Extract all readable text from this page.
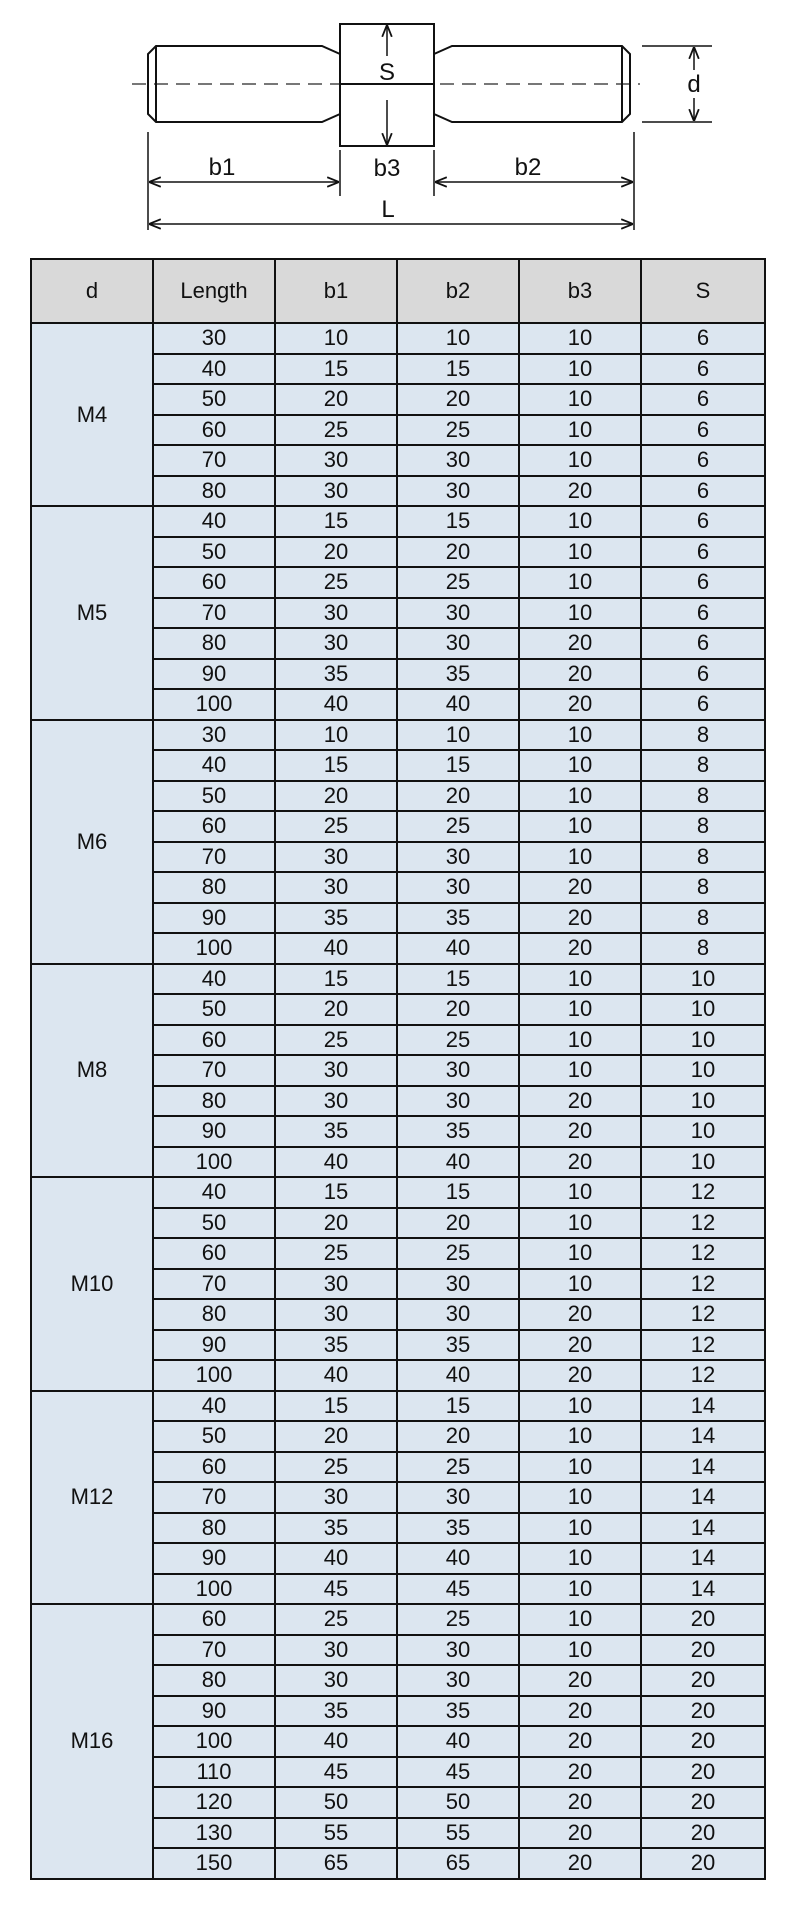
S	d
b1	b3	b2
L
d	Length	b1	b2	b3	S
M4	30	10	10	10	6
	40	15	15	10	6
	50	20	20	10	6
	60	25	25	10	6
	70	30	30	10	6
	80	30	30	20	6
M5	40	15	15	10	6
	50	20	20	10	6
	60	25	25	10	6
	70	30	30	10	6
	80	30	30	20	6
	90	35	35	20	6
	100	40	40	20	6
M6	30	10	10	10	8
	40	15	15	10	8
	50	20	20	10	8
	60	25	25	10	8
	70	30	30	10	8
	80	30	30	20	8
	90	35	35	20	8
	100	40	40	20	8
M8	40	15	15	10	10
	50	20	20	10	10
	60	25	25	10	10
	70	30	30	10	10
	80	30	30	20	10
	90	35	35	20	10
	100	40	40	20	10
M10	40	15	15	10	12
	50	20	20	10	12
	60	25	25	10	12
	70	30	30	10	12
	80	30	30	20	12
	90	35	35	20	12
	100	40	40	20	12
M12	40	15	15	10	14
	50	20	20	10	14
	60	25	25	10	14
	70	30	30	10	14
	80	35	35	10	14
	90	40	40	10	14
	100	45	45	10	14
M16	60	25	25	10	20
	70	30	30	10	20
	80	30	30	20	20
	90	35	35	20	20
	100	40	40	20	20
	110	45	45	20	20
	120	50	50	20	20
	130	55	55	20	20
	150	65	65	20	20
